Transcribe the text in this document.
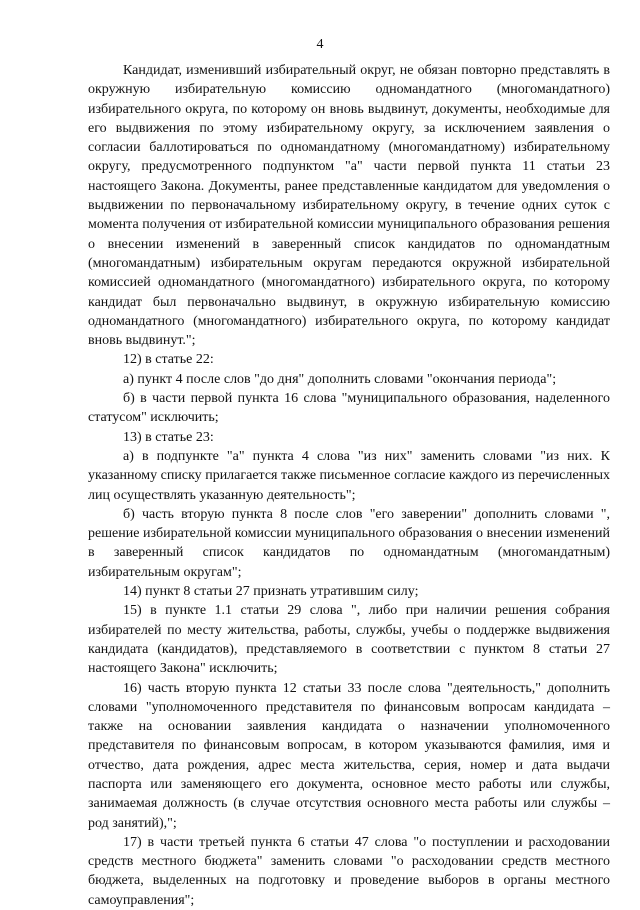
4

Кандидат, изменивший избирательный округ, не обязан повторно представлять в окружную избирательную комиссию одномандатного (многомандатного) избирательного округа, по которому он вновь выдвинут, документы, необходимые для его выдвижения по этому избирательному округу, за исключением заявления о согласии баллотироваться по одномандатному (многомандатному) избирательному округу, предусмотренного подпунктом "а" части первой пункта 11 статьи 23 настоящего Закона. Документы, ранее представленные кандидатом для уведомления о выдвижении по первоначальному избирательному округу, в течение одних суток с момента получения от избирательной комиссии муниципального образования решения о внесении изменений в заверенный список кандидатов по одномандатным (многомандатным) избирательным округам передаются окружной избирательной комиссией одномандатного (многомандатного) избирательного округа, по которому кандидат был первоначально выдвинут, в окружную избирательную комиссию одномандатного (многомандатного) избирательного округа, по которому кандидат вновь выдвинут.";

12) в статье 22:

а) пункт 4 после слов "до дня" дополнить словами "окончания периода";

б) в части первой пункта 16 слова "муниципального образования, наделенного статусом" исключить;

13) в статье 23:

а) в подпункте "а" пункта 4 слова "из них" заменить словами "из них. К указанному списку прилагается также письменное согласие каждого из перечисленных лиц осуществлять указанную деятельность";

б) часть вторую пункта 8 после слов "его заверении" дополнить словами ", решение избирательной комиссии муниципального образования о внесении изменений в заверенный список кандидатов по одномандатным (многомандатным) избирательным округам";

14) пункт 8 статьи 27 признать утратившим силу;

15) в пункте 1.1 статьи 29 слова ", либо при наличии решения собрания избирателей по месту жительства, работы, службы, учебы о поддержке выдвижения кандидата (кандидатов), представляемого в соответствии с пунктом 8 статьи 27 настоящего Закона" исключить;

16) часть вторую пункта 12 статьи 33 после слова "деятельность," дополнить словами "уполномоченного представителя по финансовым вопросам кандидата – также на основании заявления кандидата о назначении уполномоченного представителя по финансовым вопросам, в котором указываются фамилия, имя и отчество, дата рождения, адрес места жительства, серия, номер и дата выдачи паспорта или заменяющего его документа, основное место работы или службы, занимаемая должность (в случае отсутствия основного места работы или службы – род занятий),";

17) в части третьей пункта 6 статьи 47 слова "о поступлении и расходовании средств местного бюджета" заменить словами "о расходовании средств местного бюджета, выделенных на подготовку и проведение выборов в органы местного самоуправления";
